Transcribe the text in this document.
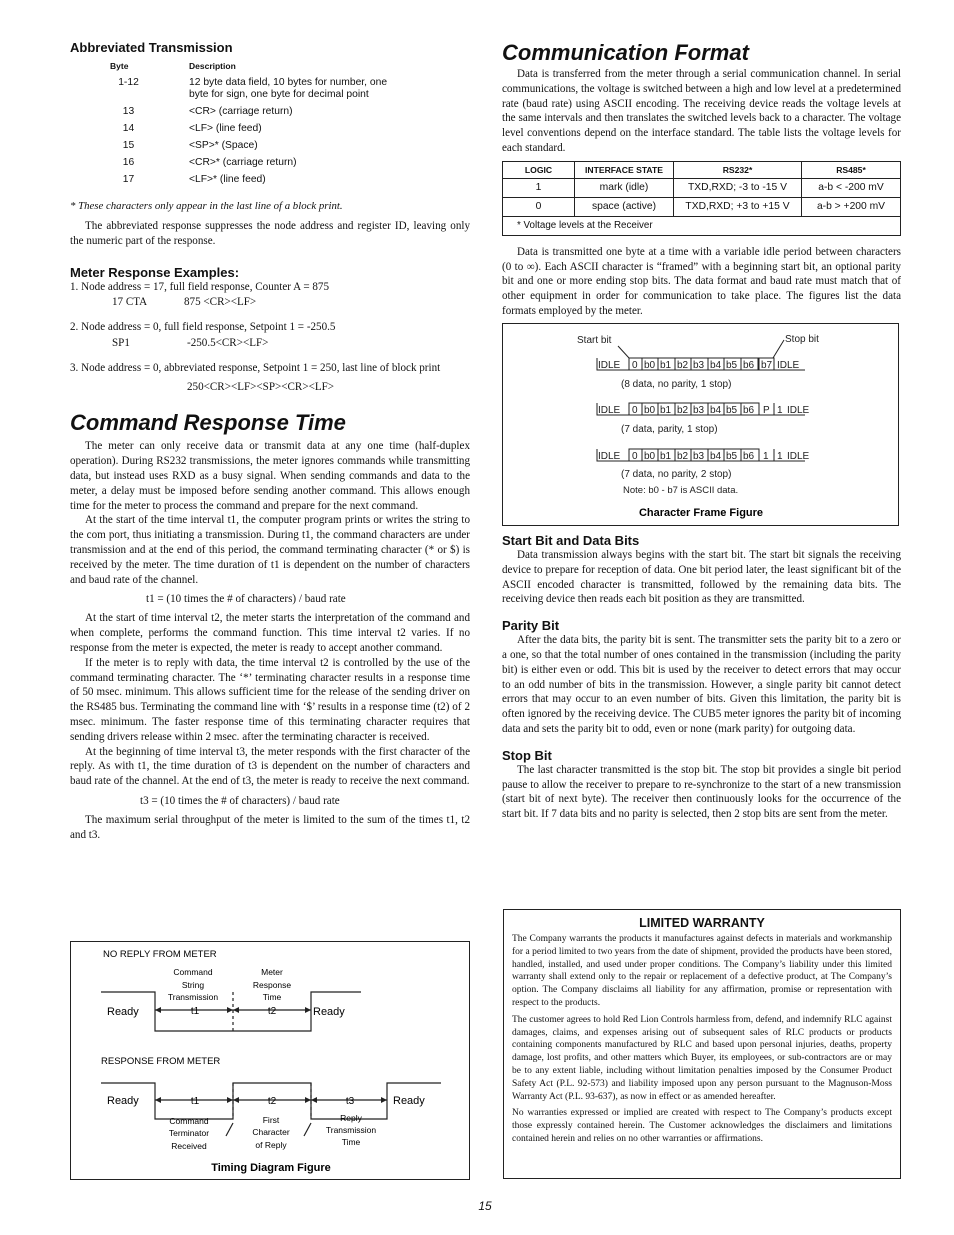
Abbreviated Transmission
Byte	Description
1-12	12 byte data field, 10 bytes for number, one byte for sign, one byte for decimal point
13	<CR> (carriage return)
14	<LF> (line feed)
15	<SP>* (Space)
16	<CR>* (carriage return)
17	<LF>* (line feed)
* These characters only appear in the last line of a block print.

The abbreviated response suppresses the node address and register ID, leaving only the numeric part of the response.

Meter Response Examples:
1. Node address = 17, full field response, Counter A = 875
17 CTA	875 <CR><LF>
2. Node address = 0, full field response, Setpoint 1 = -250.5
SP1	-250.5<CR><LF>
3. Node address = 0, abbreviated response, Setpoint 1 = 250, last line of block print
250<CR><LF><SP><CR><LF>
Command Response Time

The meter can only receive data or transmit data at any one time (half-duplex operation). During RS232 transmissions, the meter ignores commands while transmitting data, but instead uses RXD as a busy signal. When sending commands and data to the meter, a delay must be imposed before sending another command. This allows enough time for the meter to process the command and prepare for the next command.

At the start of the time interval t1, the computer program prints or writes the string to the com port, thus initiating a transmission. During t1, the command characters are under transmission and at the end of this period, the command terminating character (* or $) is received by the meter. The time duration of t1 is dependent on the number of characters and baud rate of the channel.

t1 = (10 times the # of characters) / baud rate

At the start of time interval t2, the meter starts the interpretation of the command and when complete, performs the command function. This time interval t2 varies. If no response from the meter is expected, the meter is ready to accept another command.

If the meter is to reply with data, the time interval t2 is controlled by the use of the command terminating character. The ‘*’ terminating character results in a response time of 50 msec. minimum. This allows sufficient time for the release of the sending driver on the RS485 bus. Terminating the command line with ‘$’ results in a response time (t2) of 2 msec. minimum. The faster response time of this terminating character requires that sending drivers release within 2 msec. after the terminating character is received.

At the beginning of time interval t3, the meter responds with the first character of the reply. As with t1, the time duration of t3 is dependent on the number of characters and baud rate of the channel. At the end of t3, the meter is ready to receive the next command.

t3 = (10 times the # of characters) / baud rate

The maximum serial throughput of the meter is limited to the sum of the times t1, t2 and t3.

NO REPLY FROM METER
Command
String
Transmission
Meter
Response
Time
Ready	Ready
t1	t2
RESPONSE FROM METER
Ready	Ready
t1	t2	t3
Command
Terminator
Received
First
Character
of Reply
Reply
Transmission
Time
Timing Diagram Figure
Communication Format

Data is transferred from the meter through a serial communication channel. In serial communications, the voltage is switched between a high and low level at a predetermined rate (baud rate) using ASCII encoding. The receiving device reads the voltage levels at the same intervals and then translates the switched levels back to a character. The voltage level conventions depend on the interface standard. The table lists the voltage levels for each standard.

LOGIC	INTERFACE STATE	RS232*	RS485*
1	mark (idle)	TXD,RXD; -3 to -15 V	a-b < -200 mV
0	space (active)	TXD,RXD; +3 to +15 V	a-b > +200 mV
* Voltage levels at the Receiver			

Data is transmitted one byte at a time with a variable idle period between characters (0 to ∞). Each ASCII character is “framed” with a beginning start bit, an optional parity bit and one or more ending stop bits. The data format and baud rate must match that of other equipment in order for communication to take place. The figures list the data formats employed by the meter.

Start bit	Stop bit
IDLE 0 b0 b1 b2 b3 b4 b5 b6 b7 IDLE
(8 data, no parity, 1 stop)
IDLE 0 b0 b1 b2 b3 b4 b5 b6 P 1 IDLE
(7 data, parity, 1 stop)
IDLE 0 b0 b1 b2 b3 b4 b5 b6 1 1 IDLE
(7 data, no parity, 2 stop)
Note: b0 - b7 is ASCII data.
Character Frame Figure
Start Bit and Data Bits

Data transmission always begins with the start bit. The start bit signals the receiving device to prepare for reception of data. One bit period later, the least significant bit of the ASCII encoded character is transmitted, followed by the remaining data bits. The receiving device then reads each bit position as they are transmitted.

Parity Bit

After the data bits, the parity bit is sent. The transmitter sets the parity bit to a zero or a one, so that the total number of ones contained in the transmission (including the parity bit) is either even or odd. This bit is used by the receiver to detect errors that may occur to an odd number of bits in the transmission. However, a single parity bit cannot detect errors that may occur to an even number of bits. Given this limitation, the parity bit is often ignored by the receiving device. The CUB5 meter ignores the parity bit of incoming data and sets the parity bit to odd, even or none (mark parity) for outgoing data.

Stop Bit

The last character transmitted is the stop bit. The stop bit provides a single bit period pause to allow the receiver to prepare to re-synchronize to the start of a new transmission (start bit of next byte). The receiver then continuously looks for the occurrence of the start bit. If 7 data bits and no parity is selected, then 2 stop bits are sent from the meter.

LIMITED WARRANTY

The Company warrants the products it manufactures against defects in materials and workmanship for a period limited to two years from the date of shipment, provided the products have been stored, handled, installed, and used under proper conditions. The Company’s liability under this limited warranty shall extend only to the repair or replacement of a defective product, at The Company’s option. The Company disclaims all liability for any affirmation, promise or representation with respect to the products.

The customer agrees to hold Red Lion Controls harmless from, defend, and indemnify RLC against damages, claims, and expenses arising out of subsequent sales of RLC products or products containing components manufactured by RLC and based upon personal injuries, deaths, property damage, lost profits, and other matters which Buyer, its employees, or sub-contractors are or may be to any extent liable, including without limitation penalties imposed by the Consumer Product Safety Act (P.L. 92-573) and liability imposed upon any person pursuant to the Magnuson-Moss Warranty Act (P.L. 93-637), as now in effect or as amended hereafter.

No warranties expressed or implied are created with respect to The Company’s products except those expressly contained herein. The Customer acknowledges the disclaimers and limitations contained herein and relies on no other warranties or affirmations.

15
